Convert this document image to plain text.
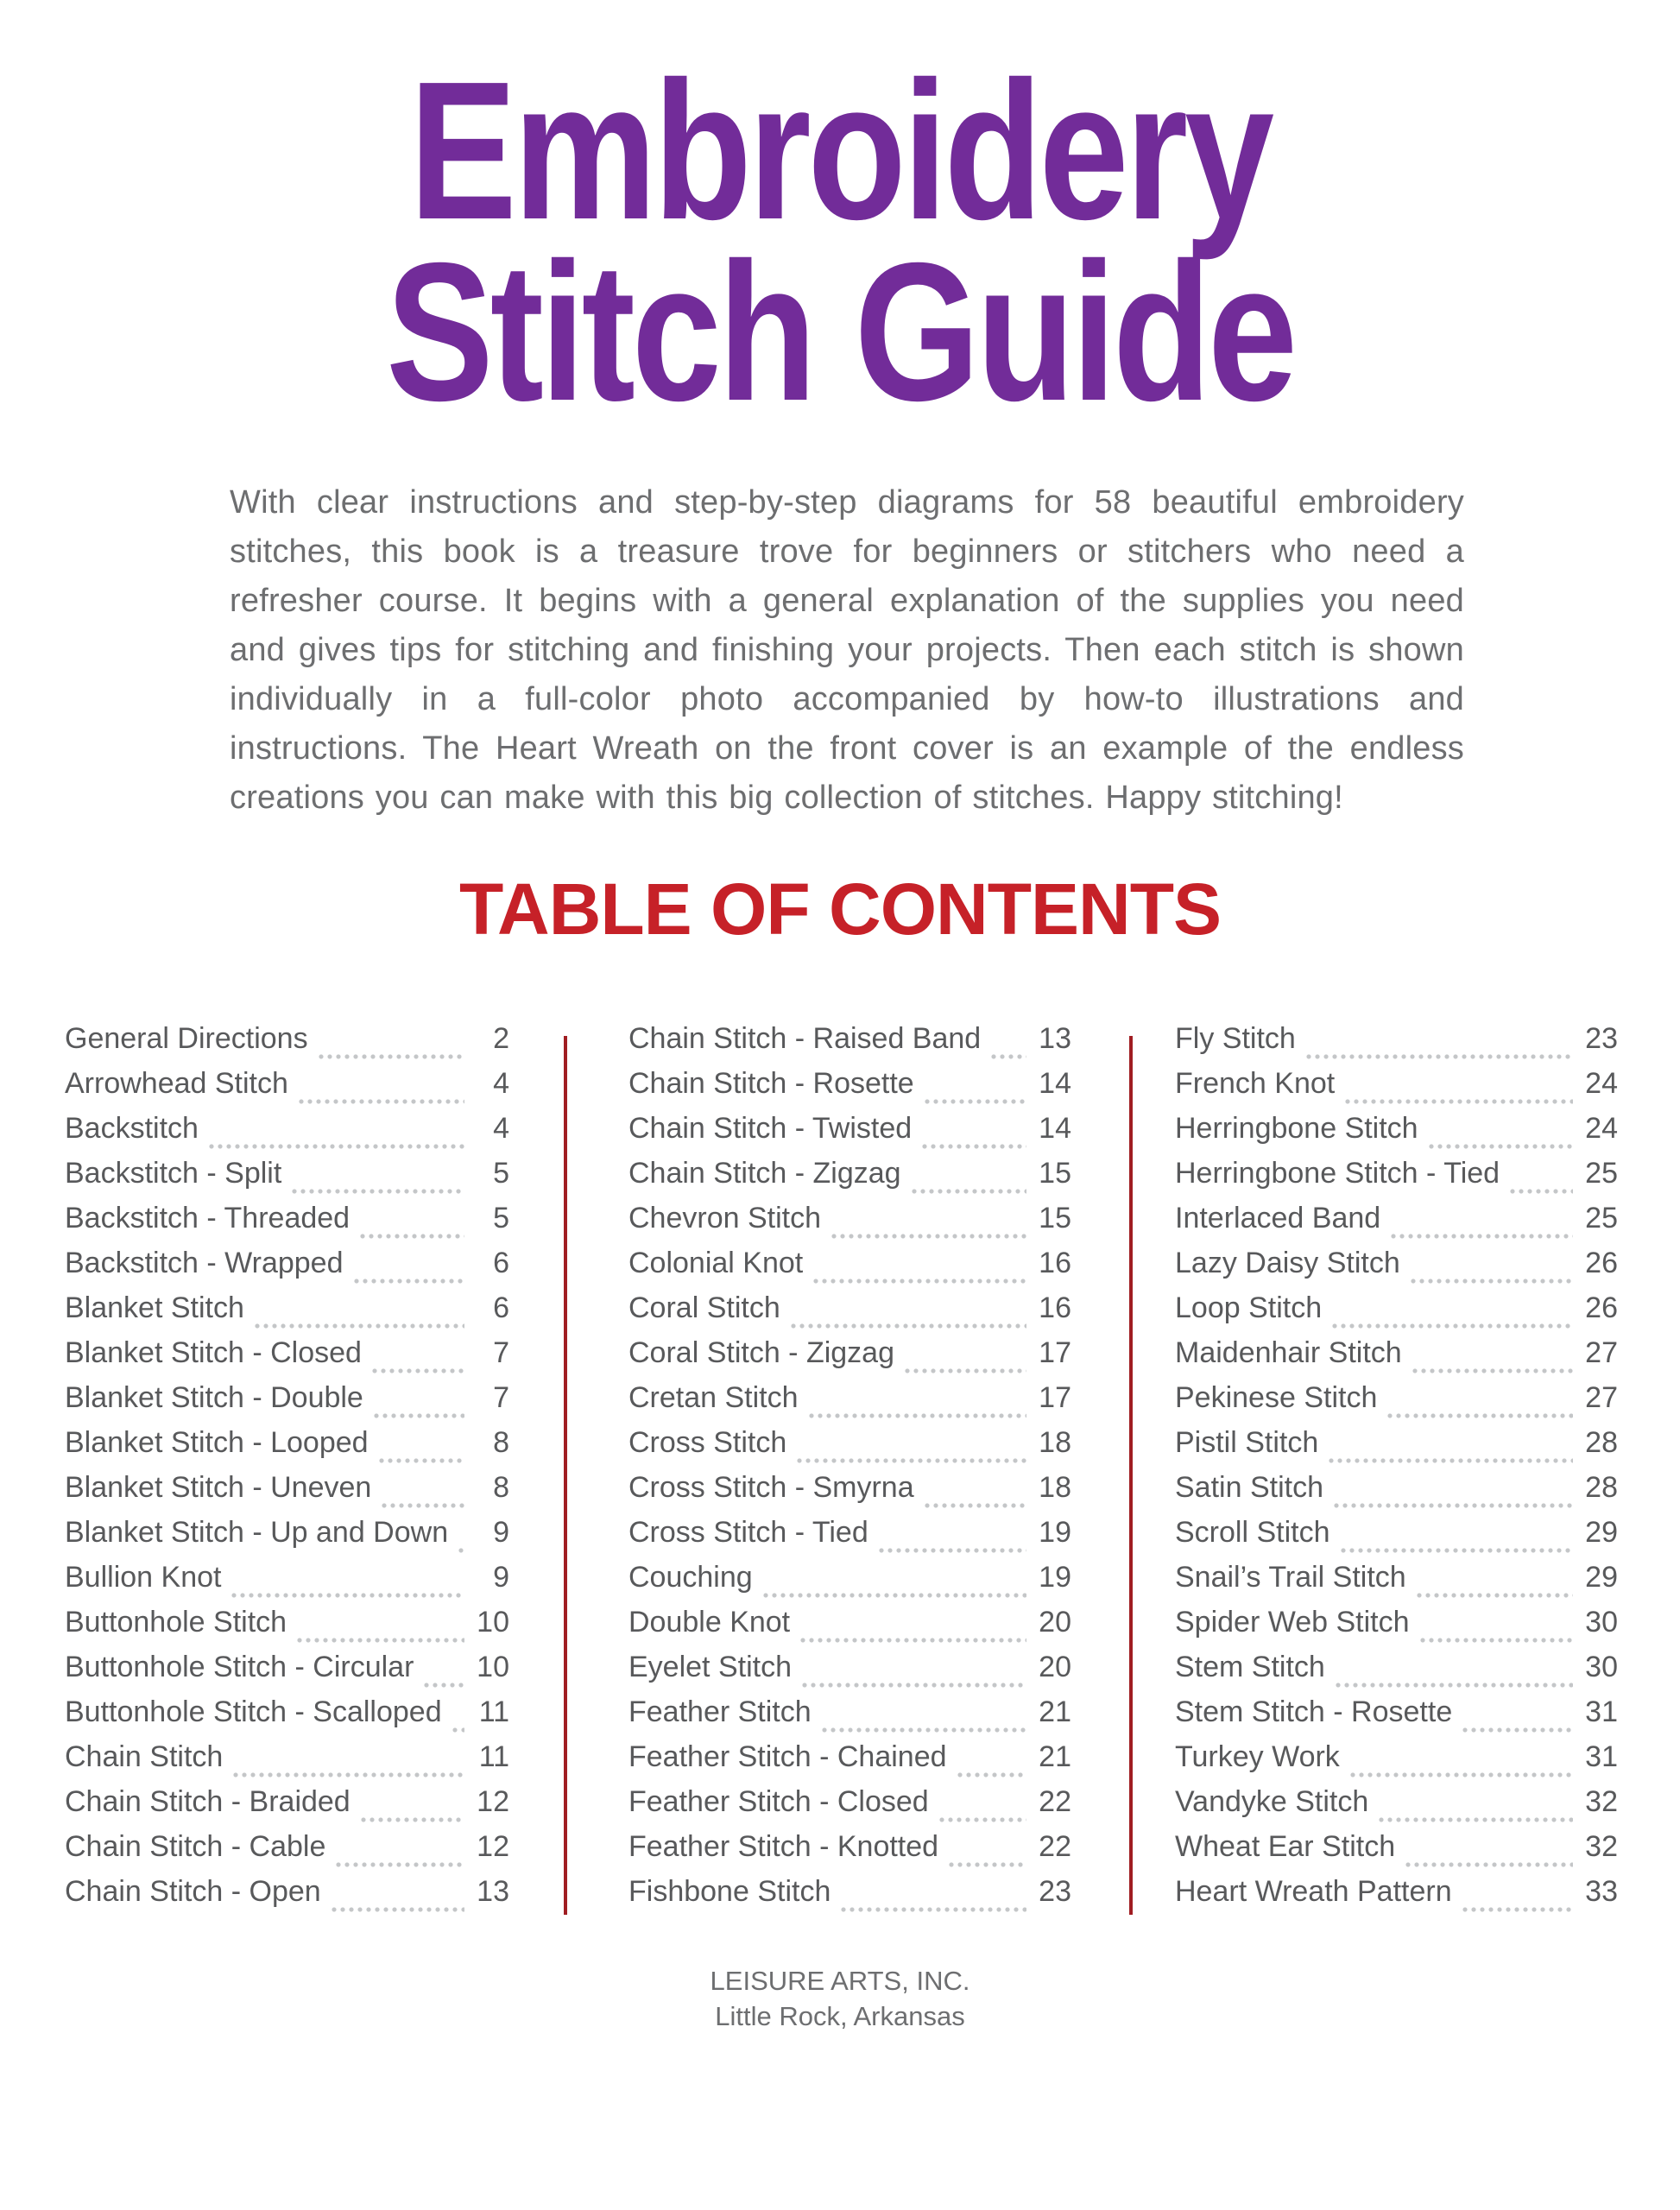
Embroidery
Stitch Guide

With clear instructions and step-by-step diagrams for 58 beautiful embroidery stitches, this book is a treasure trove for beginners or stitchers who need a refresher course. It begins with a general explanation of the supplies you need and gives tips for stitching and finishing your projects. Then each stitch is shown individually in a full-color photo accompanied by how-to illustrations and instructions. The Heart Wreath on the front cover is an example of the endless creations you can make with this big collection of stitches. Happy stitching!

TABLE OF CONTENTS
General Directions	2
Arrowhead Stitch	4
Backstitch	4
Backstitch - Split	5
Backstitch - Threaded	5
Backstitch - Wrapped	6
Blanket Stitch	6
Blanket Stitch - Closed	7
Blanket Stitch - Double	7
Blanket Stitch - Looped	8
Blanket Stitch - Uneven	8
Blanket Stitch - Up and Down	9
Bullion Knot	9
Buttonhole Stitch	10
Buttonhole Stitch - Circular 10
Buttonhole Stitch - Scalloped	11
Chain Stitch	11
Chain Stitch - Braided	12
Chain Stitch - Cable	12
Chain Stitch - Open	13
Chain Stitch - Raised Band 13
Chain Stitch - Rosette	14
Chain Stitch - Twisted	14
Chain Stitch - Zigzag	15
Chevron Stitch	15
Colonial Knot	16
Coral Stitch	16
Coral Stitch - Zigzag	17
Cretan Stitch	17
Cross Stitch	18
Cross Stitch - Smyrna	18
Cross Stitch - Tied	19
Couching	19
Double Knot	20
Eyelet Stitch	20
Feather Stitch	21
Feather Stitch - Chained	21
Feather Stitch - Closed	22
Feather Stitch - Knotted	22
Fishbone Stitch	23
Fly Stitch	23
French Knot	24
Herringbone Stitch	24
Herringbone Stitch - Tied	25
Interlaced Band	25
Lazy Daisy Stitch	26
Loop Stitch	26
Maidenhair Stitch	27
Pekinese Stitch	27
Pistil Stitch	28
Satin Stitch	28
Scroll Stitch	29
Snail’s Trail Stitch	29
Spider Web Stitch	30
Stem Stitch	30
Stem Stitch - Rosette	31
Turkey Work	31
Vandyke Stitch	32
Wheat Ear Stitch	32
Heart Wreath Pattern	33
LEISURE ARTS, INC.
Little Rock, Arkansas
